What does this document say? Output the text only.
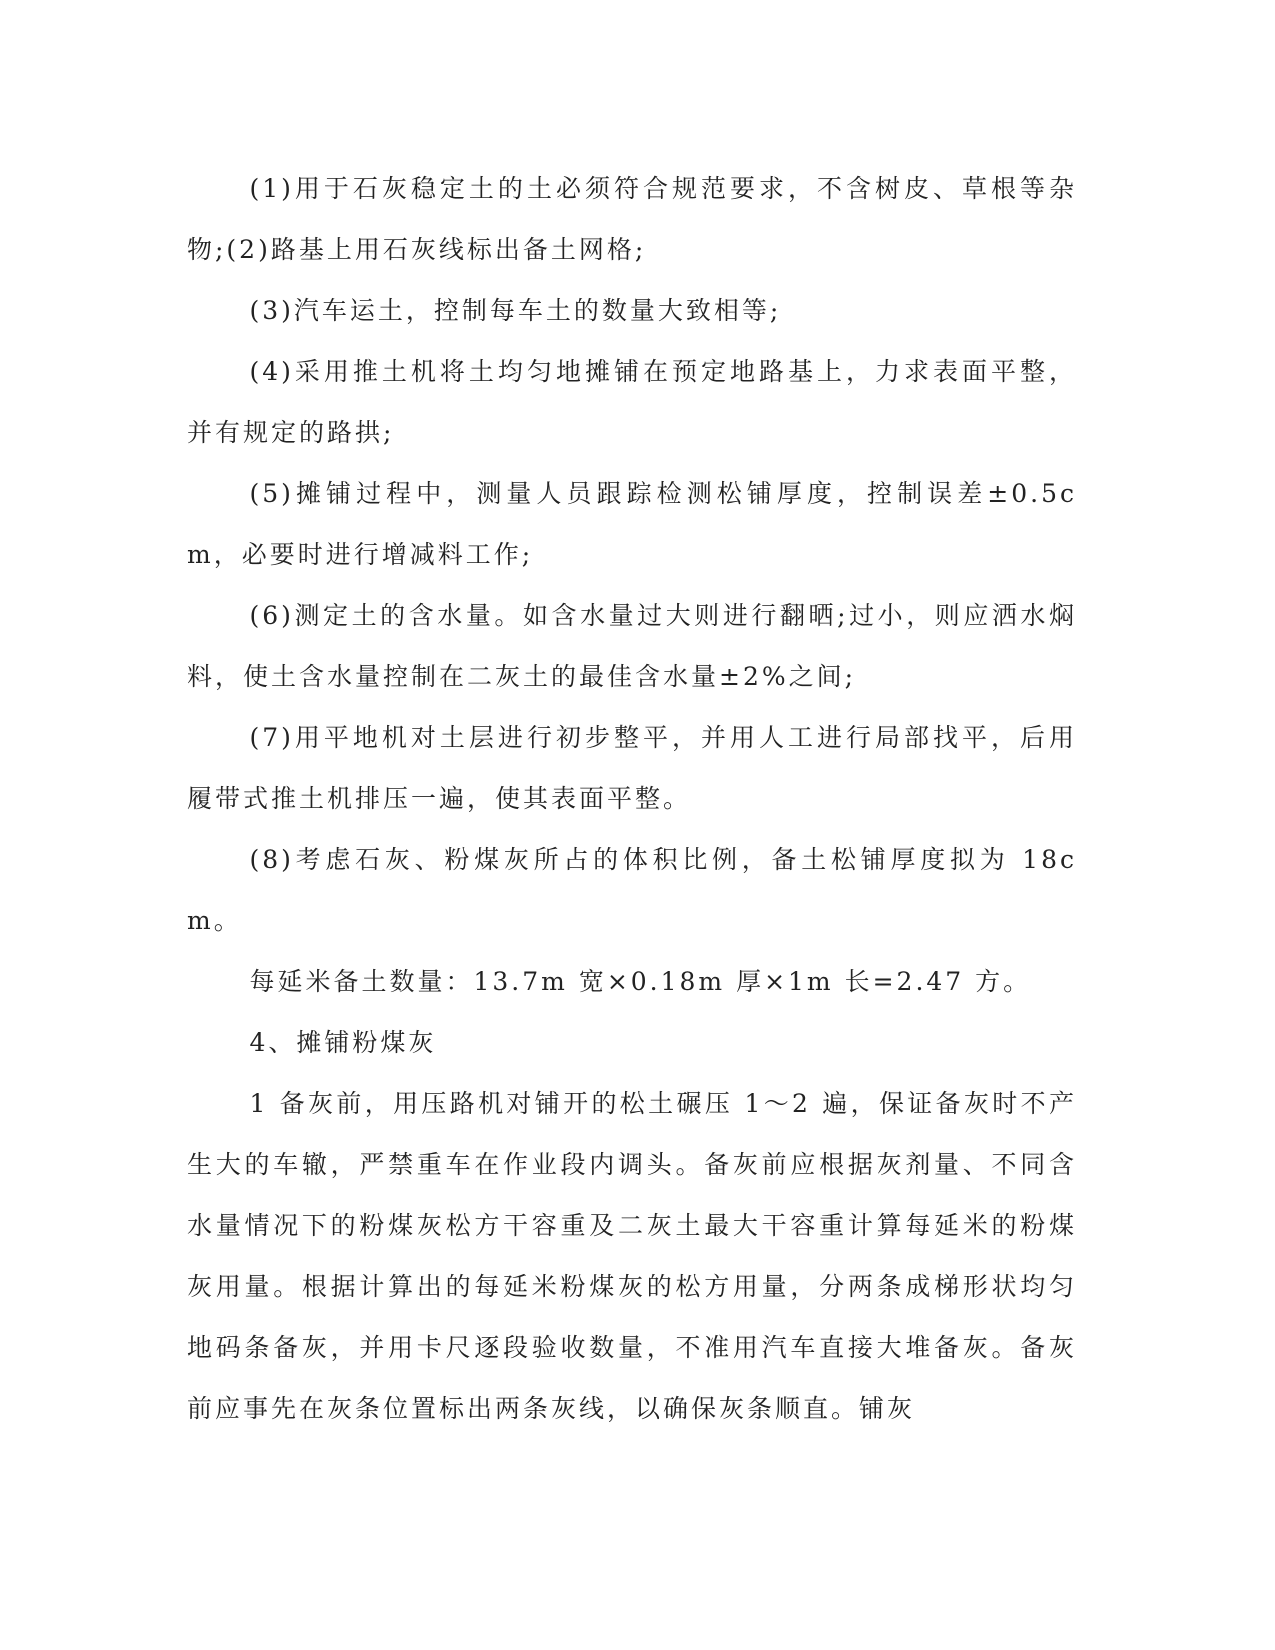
(1)用于石灰稳定土的土必须符合规范要求，不含树皮、草根等杂物;(2)路基上用石灰线标出备土网格;

(3)汽车运土，控制每车土的数量大致相等;

(4)采用推土机将土均匀地摊铺在预定地路基上，力求表面平整，并有规定的路拱;

(5)摊铺过程中，测量人员跟踪检测松铺厚度，控制误差±0.5cm，必要时进行增减料工作;

(6)测定土的含水量。如含水量过大则进行翻晒;过小，则应洒水焖料，使土含水量控制在二灰土的最佳含水量±2%之间;

(7)用平地机对土层进行初步整平，并用人工进行局部找平，后用履带式推土机排压一遍，使其表面平整。

(8)考虑石灰、粉煤灰所占的体积比例，备土松铺厚度拟为 18cm。

每延米备土数量：13.7m 宽×0.18m 厚×1m 长=2.47 方。

4、摊铺粉煤灰

1 备灰前，用压路机对铺开的松土碾压 1～2 遍，保证备灰时不产生大的车辙，严禁重车在作业段内调头。备灰前应根据灰剂量、不同含水量情况下的粉煤灰松方干容重及二灰土最大干容重计算每延米的粉煤灰用量。根据计算出的每延米粉煤灰的松方用量，分两条成梯形状均匀地码条备灰，并用卡尺逐段验收数量，不准用汽车直接大堆备灰。备灰前应事先在灰条位置标出两条灰线，以确保灰条顺直。铺灰
